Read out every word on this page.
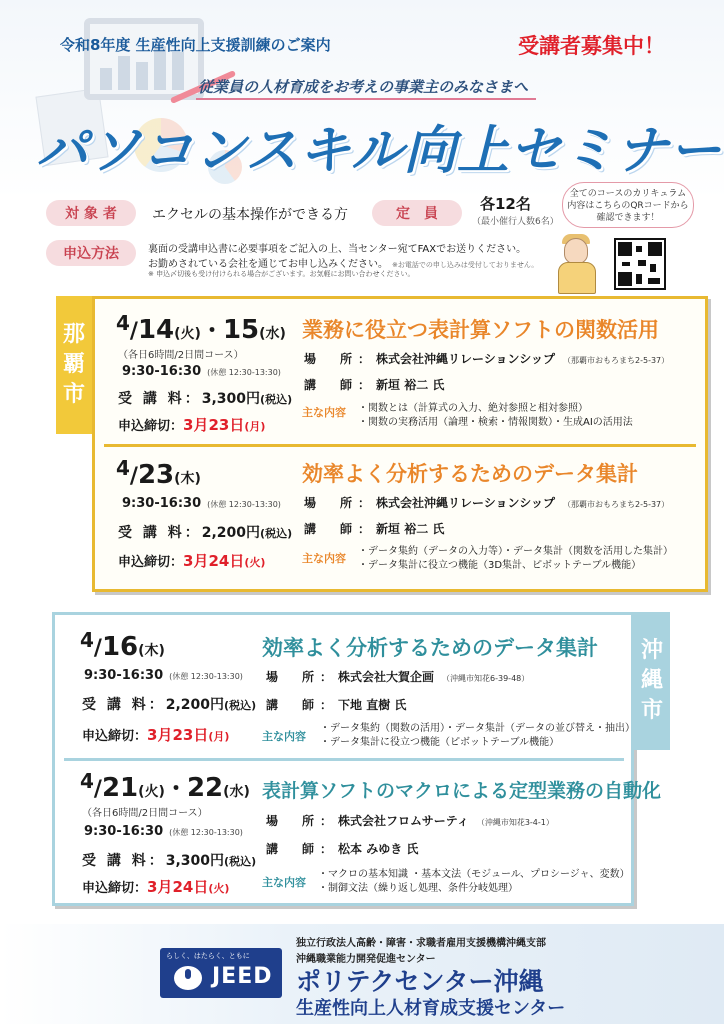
令和8年度 生産性向上支援訓練のご案内	受講者募集中！
従業員の人材育成をお考えの事業主のみなさまへ
パソコンスキル向上セミナー
対 象 者	エクセルの基本操作ができる方	定　員
各12名
（最小催行人数6名）
申込方法	裏面の受講申込書に必要事項をご記入の上、当センター宛てFAXでお送りください。
お勤めされている会社を通じてお申し込みください。 ※お電話での申し込みは受付しておりません。
※ 申込〆切後も受け付けられる場合がございます。お気軽にお問い合わせください。
全てのコースのカリキュラム
内容はこちらのQRコードから
確認できます！
那
覇
市
4/14(火)・15(水)
（各日6時間/2日間コース）
9:30-16:30 (休憩 12:30-13:30)
受 講 料：3,300円(税込)
申込締切：3月23日(月)
業務に役立つ表計算ソフトの関数活用
場　所：株式会社沖縄リレーションシップ （那覇市おもろまち2-5-37）
講　師：新垣 裕二 氏
主な内容 ・関数とは（計算式の入力、絶対参照と相対参照）
・関数の実務活用（論理・検索・情報関数）・生成AIの活用法
4/23(木)
9:30-16:30 (休憩 12:30-13:30)
受 講 料：2,200円(税込)
申込締切：3月24日(火)
効率よく分析するためのデータ集計
場　所：株式会社沖縄リレーションシップ （那覇市おもろまち2-5-37）
講　師：新垣 裕二 氏
主な内容
・データ集約（データの入力等）・データ集計（関数を活用した集計）
・データ集計に役立つ機能（3D集計、ピボットテーブル機能）
沖
縄
市
4/16(木)
9:30-16:30 (休憩 12:30-13:30)
受 講 料：2,200円(税込)
申込締切：3月23日(月)
効率よく分析するためのデータ集計
場　所：株式会社大賀企画 （沖縄市知花6-39-48）
講　師：下地 直樹 氏
主な内容
・データ集約（関数の活用）・データ集計（データの並び替え・抽出）
・データ集計に役立つ機能（ピボットテーブル機能）
4/21(火)・22(水)
（各日6時間/2日間コース）
9:30-16:30 (休憩 12:30-13:30)
受 講 料：3,300円(税込)
申込締切：3月24日(火)
表計算ソフトのマクロによる定型業務の自動化
場　所：株式会社フロムサーティ （沖縄市知花3-4-1）
講　師：松本 みゆき 氏
主な内容
・マクロの基本知識 ・基本文法（モジュール、プロシージャ、変数）
・制御文法（繰り返し処理、条件分岐処理）
らしく、はたらく、ともに
JEED
独立行政法人高齢・障害・求職者雇用支援機構沖縄支部
沖縄職業能力開発促進センター
ポリテクセンター沖縄
生産性向上人材育成支援センター
